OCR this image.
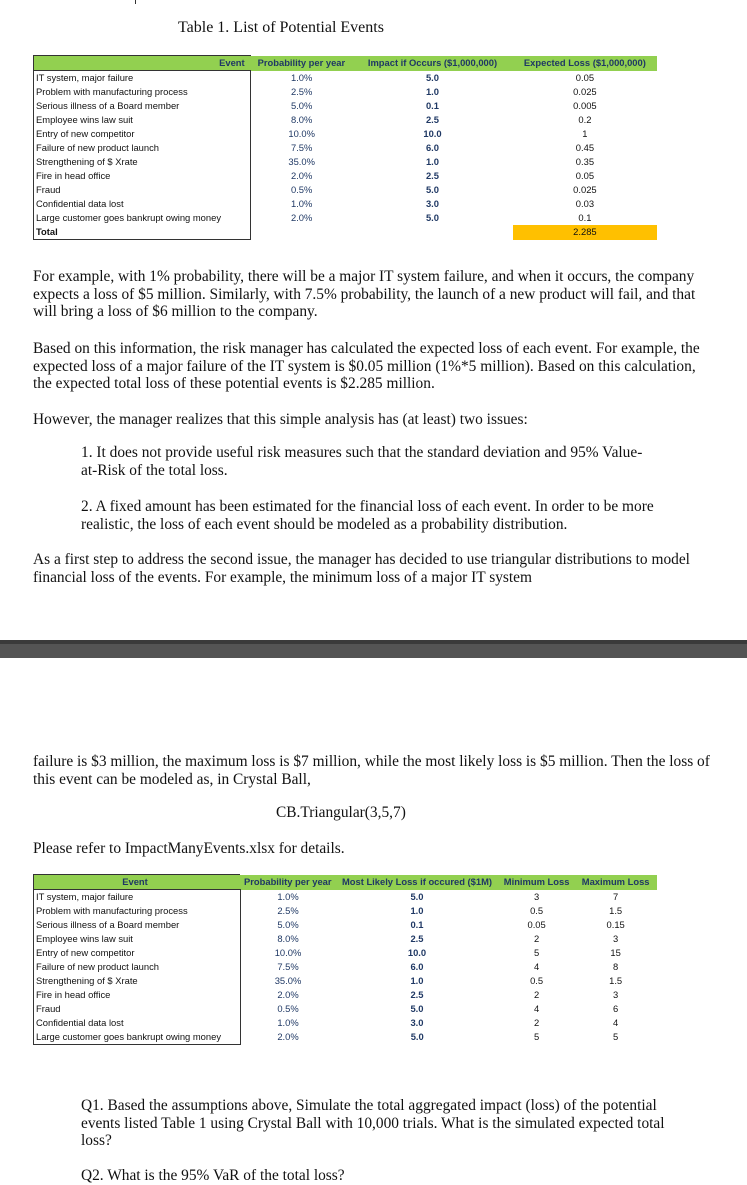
Table 1. List of Potential Events
Event	Probability per year	Impact if Occurs ($1,000,000)	Expected Loss ($1,000,000)
IT system, major failure	1.0%	5.0	0.05
Problem with manufacturing process	2.5%	1.0	0.025
Serious illness of a Board member	5.0%	0.1	0.005
Employee wins law suit	8.0%	2.5	0.2
Entry of new competitor	10.0%	10.0	1
Failure of new product launch	7.5%	6.0	0.45
Strengthening of $ Xrate	35.0%	1.0	0.35
Fire in head office	2.0%	2.5	0.05
Fraud	0.5%	5.0	0.025
Confidential data lost	1.0%	3.0	0.03
Large customer goes bankrupt owing money	2.0%	5.0	0.1
Total			2.285

For example, with 1% probability, there will be a major IT system failure, and when it occurs, the company expects a loss of $5 million. Similarly, with 7.5% probability, the launch of a new product will fail, and that will bring a loss of $6 million to the company.

Based on this information, the risk manager has calculated the expected loss of each event. For example, the expected loss of a major failure of the IT system is $0.05 million (1%*5 million). Based on this calculation, the expected total loss of these potential events is $2.285 million.

However, the manager realizes that this simple analysis has (at least) two issues:

1. It does not provide useful risk measures such that the standard deviation and 95% Value-at-Risk of the total loss.

2. A fixed amount has been estimated for the financial loss of each event. In order to be more realistic, the loss of each event should be modeled as a probability distribution.

As a first step to address the second issue, the manager has decided to use triangular distributions to model financial loss of the events. For example, the minimum loss of a major IT system

failure is $3 million, the maximum loss is $7 million, while the most likely loss is $5 million. Then the loss of this event can be modeled as, in Crystal Ball,

CB.Triangular(3,5,7)

Please refer to ImpactManyEvents.xlsx for details.

Event	Probability per year	Most Likely Loss if occured ($1M)	Minimum Loss	Maximum Loss
IT system, major failure	1.0%	5.0	3	7
Problem with manufacturing process	2.5%	1.0	0.5	1.5
Serious illness of a Board member	5.0%	0.1	0.05	0.15
Employee wins law suit	8.0%	2.5	2	3
Entry of new competitor	10.0%	10.0	5	15
Failure of new product launch	7.5%	6.0	4	8
Strengthening of $ Xrate	35.0%	1.0	0.5	1.5
Fire in head office	2.0%	2.5	2	3
Fraud	0.5%	5.0	4	6
Confidential data lost	1.0%	3.0	2	4
Large customer goes bankrupt owing money	2.0%	5.0	5	5

Q1. Based the assumptions above, Simulate the total aggregated impact (loss) of the potential events listed Table 1 using Crystal Ball with 10,000 trials. What is the simulated expected total loss?

Q2. What is the 95% VaR of the total loss?
